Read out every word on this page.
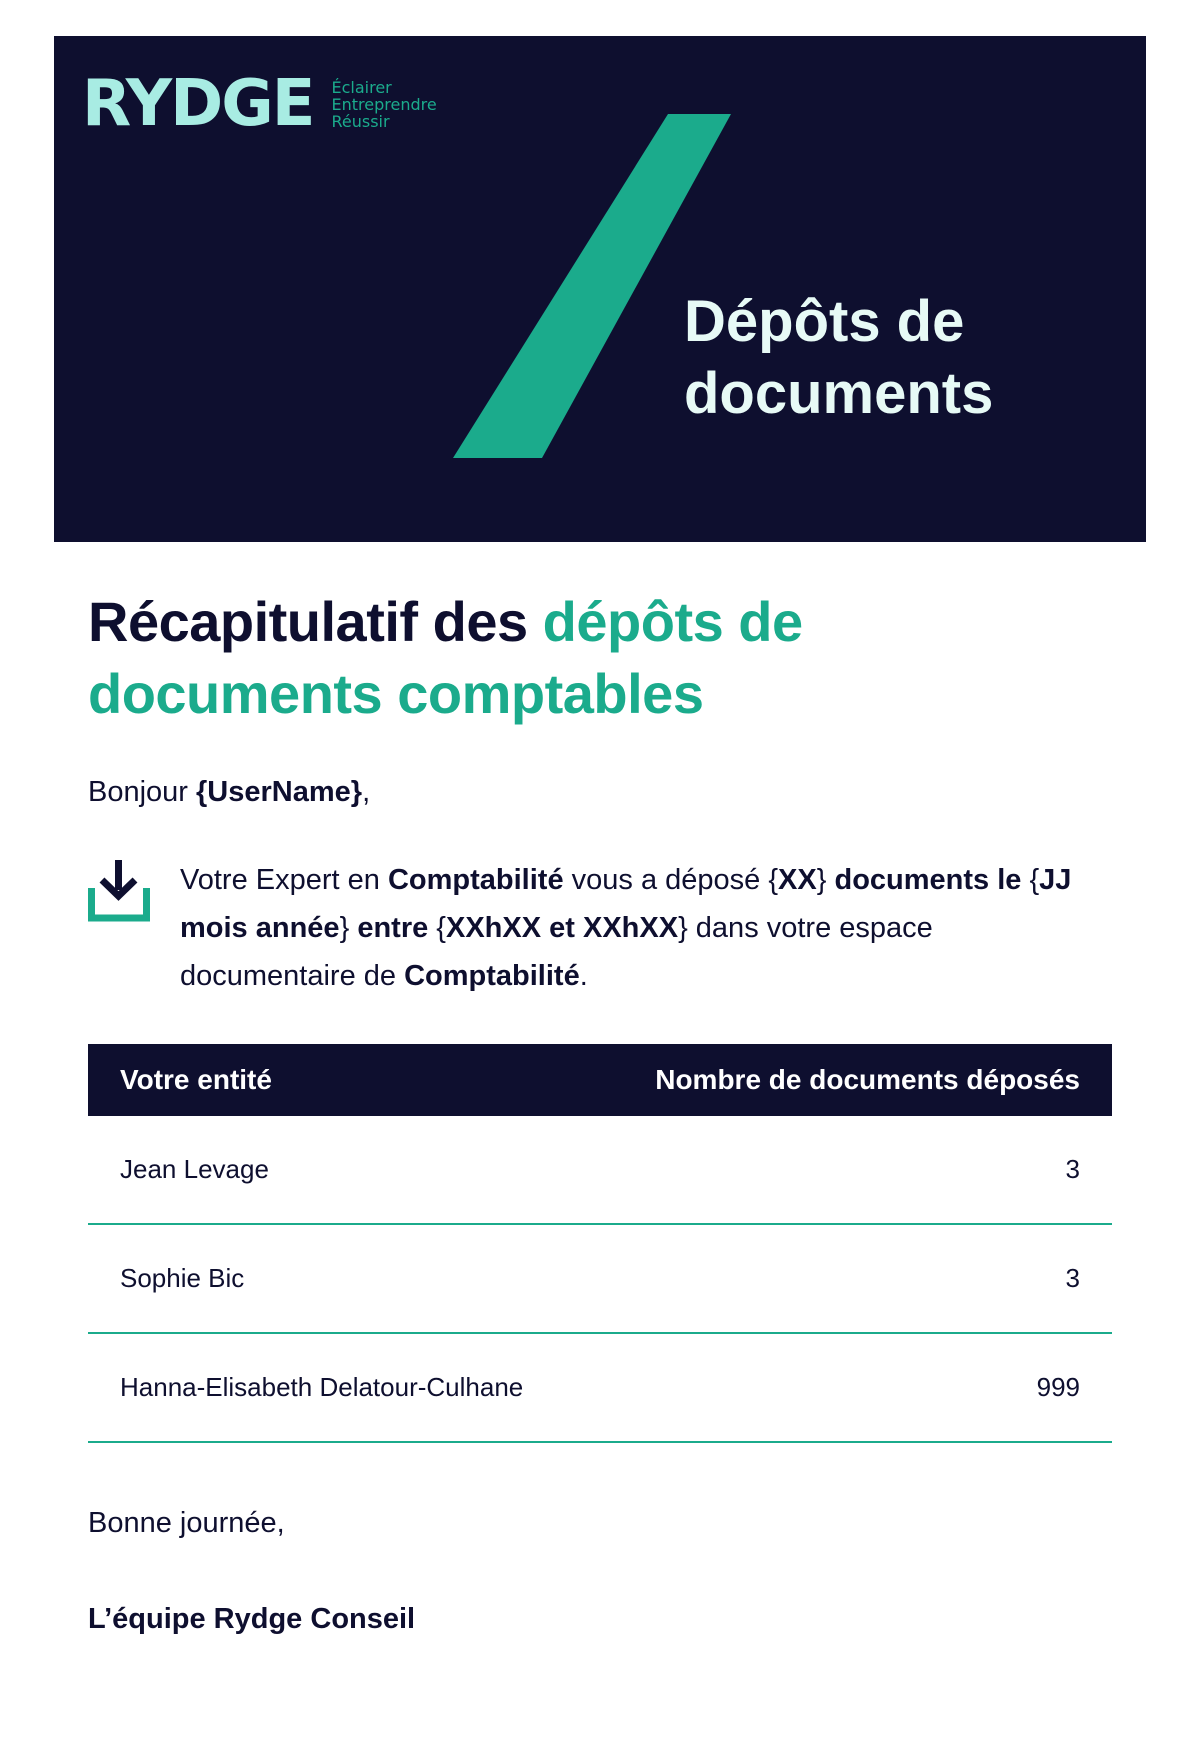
RYDGE Éclairer
Entreprendre
Réussir
Dépôts de
documents
Récapitulatif des dépôts de
documents comptables

Bonjour {UserName},

Votre Expert en Comptabilité vous a déposé {XX} documents le {JJ mois année} entre {XXhXX et XXhXX} dans votre espace documentaire de Comptabilité.
Votre entité	Nombre de documents déposés
Jean Levage	3
Sophie Bic	3
Hanna-Elisabeth Delatour-Culhane	999

Bonne journée,

L’équipe Rydge Conseil
